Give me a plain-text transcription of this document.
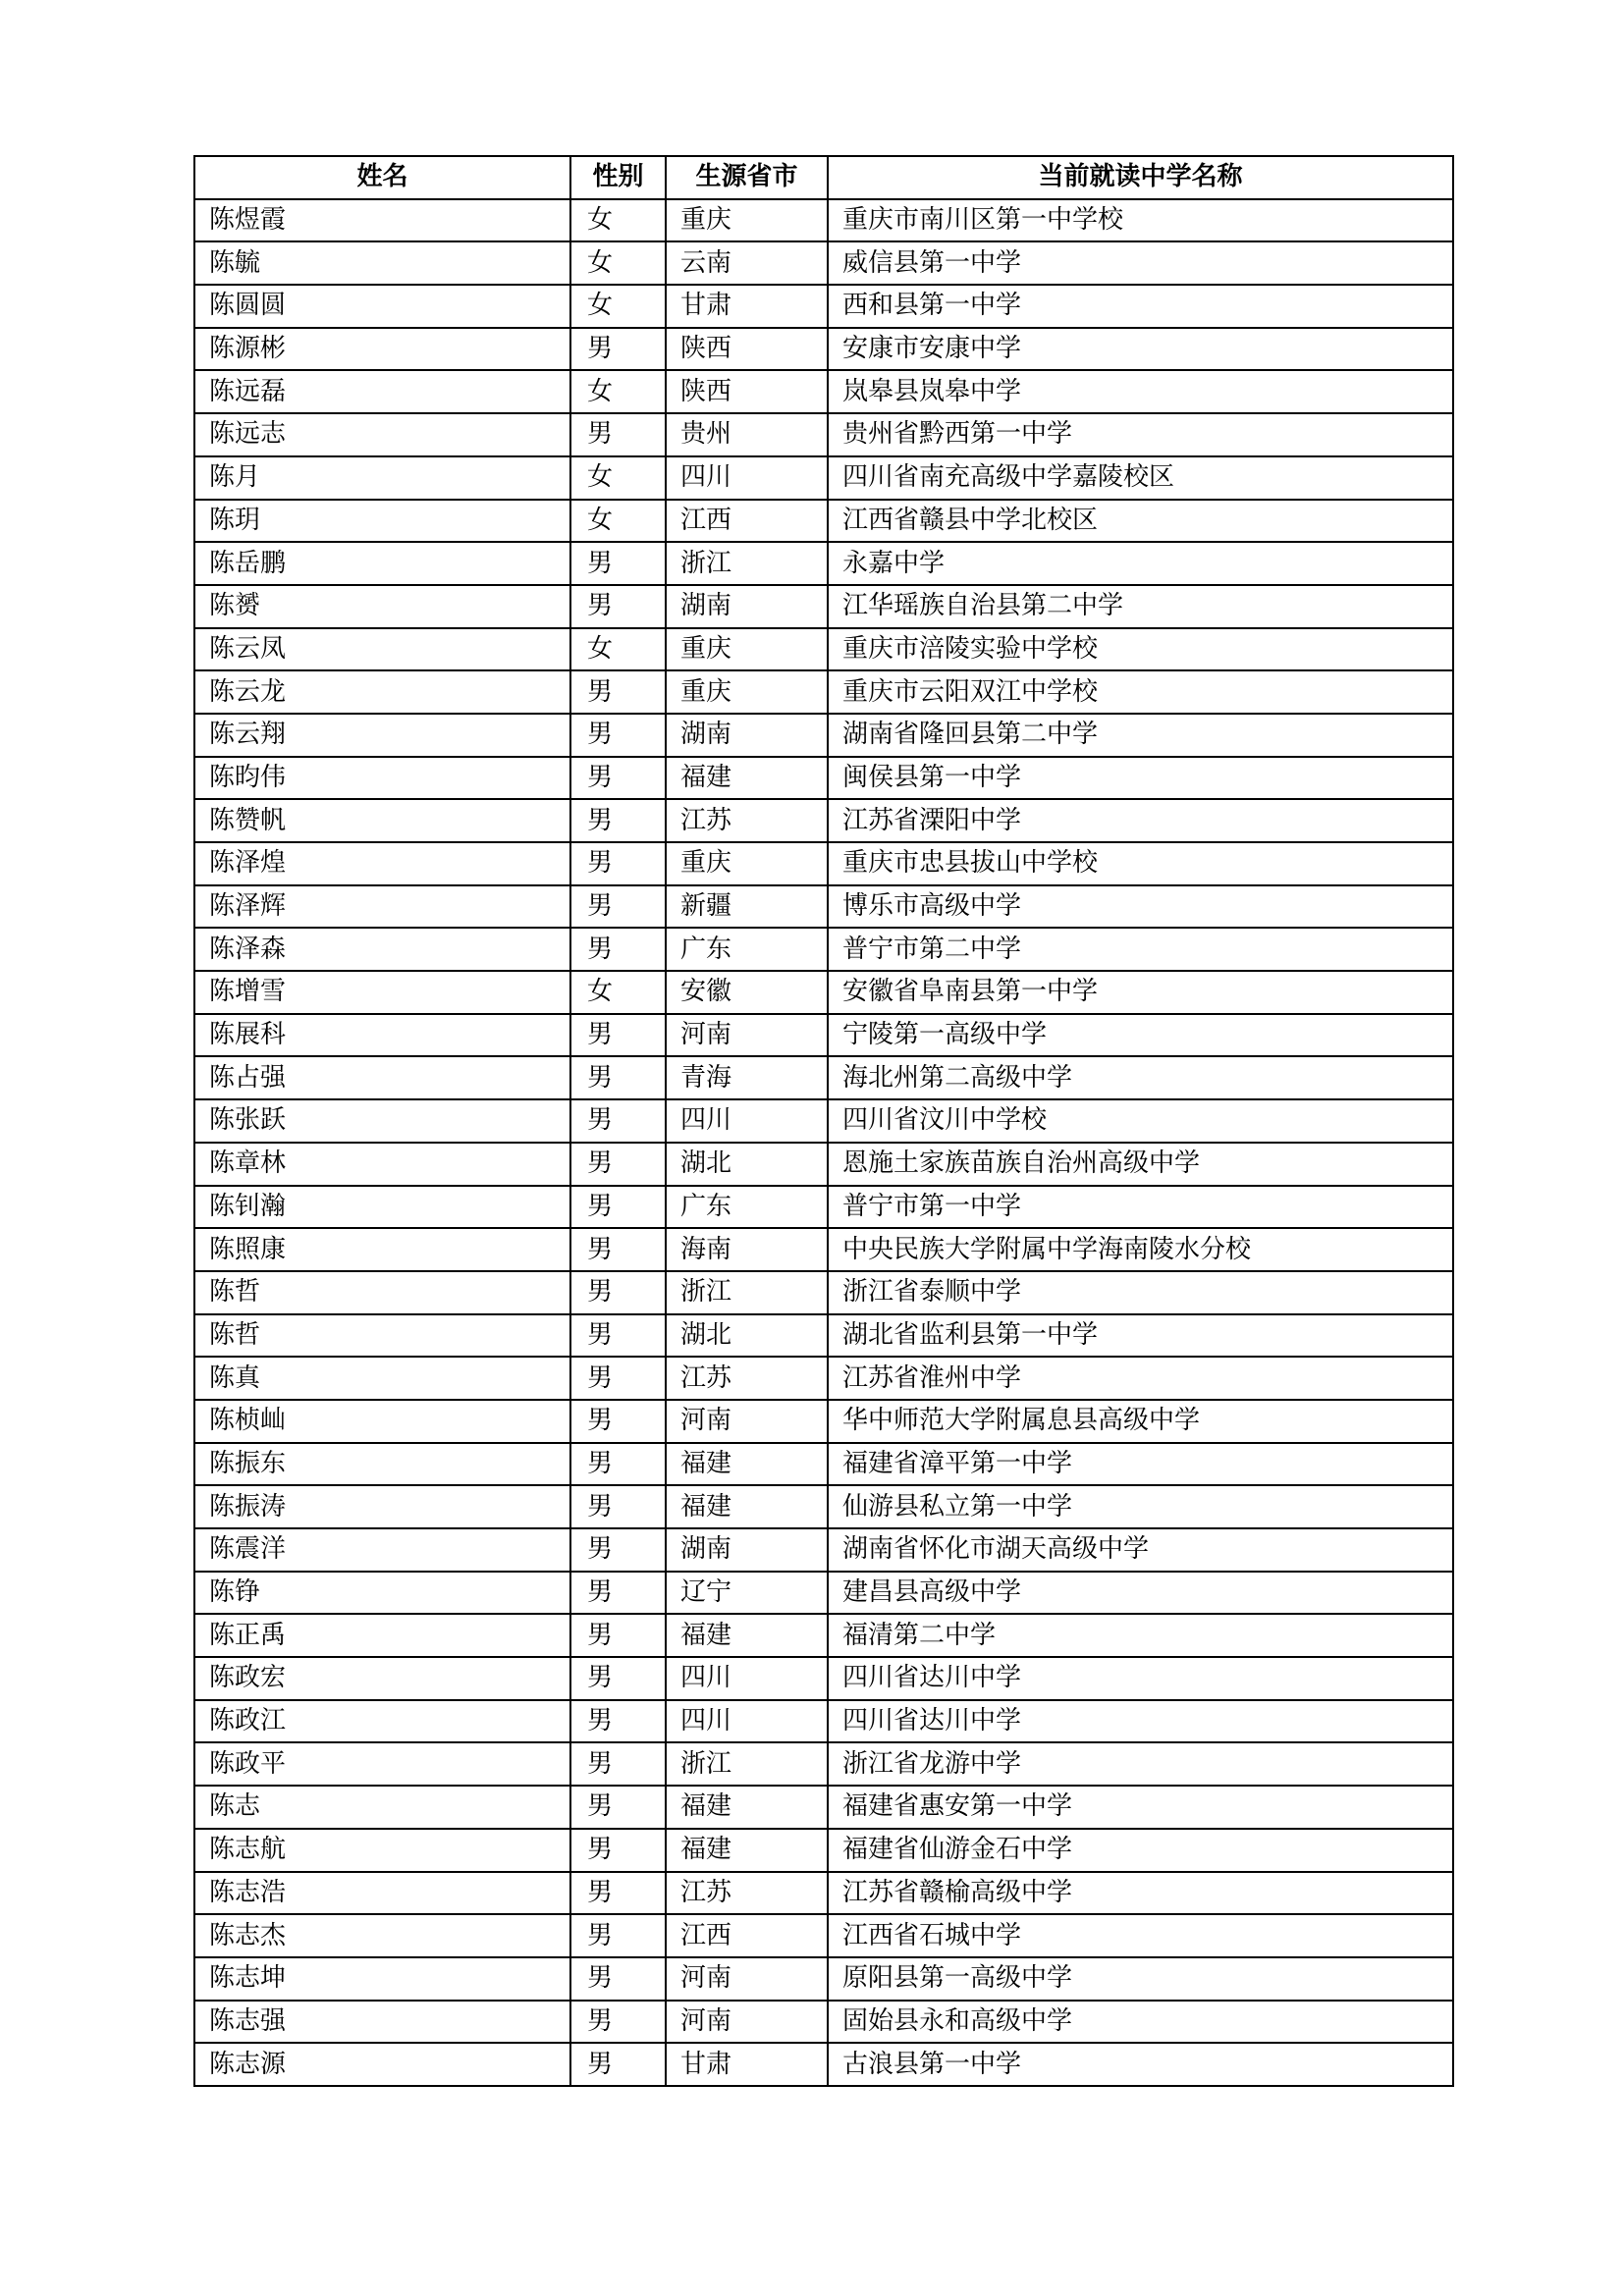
姓名	性别	生源省市	当前就读中学名称
陈煜霞	女	重庆	重庆市南川区第一中学校
陈毓	女	云南	威信县第一中学
陈圆圆	女	甘肃	西和县第一中学
陈源彬	男	陕西	安康市安康中学
陈远磊	女	陕西	岚皋县岚皋中学
陈远志	男	贵州	贵州省黔西第一中学
陈月	女	四川	四川省南充高级中学嘉陵校区
陈玥	女	江西	江西省赣县中学北校区
陈岳鹏	男	浙江	永嘉中学
陈赟	男	湖南	江华瑶族自治县第二中学
陈云凤	女	重庆	重庆市涪陵实验中学校
陈云龙	男	重庆	重庆市云阳双江中学校
陈云翔	男	湖南	湖南省隆回县第二中学
陈昀伟	男	福建	闽侯县第一中学
陈赞帆	男	江苏	江苏省溧阳中学
陈泽煌	男	重庆	重庆市忠县拔山中学校
陈泽辉	男	新疆	博乐市高级中学
陈泽森	男	广东	普宁市第二中学
陈增雪	女	安徽	安徽省阜南县第一中学
陈展科	男	河南	宁陵第一高级中学
陈占强	男	青海	海北州第二高级中学
陈张跃	男	四川	四川省汶川中学校
陈章林	男	湖北	恩施土家族苗族自治州高级中学
陈钊瀚	男	广东	普宁市第一中学
陈照康	男	海南	中央民族大学附属中学海南陵水分校
陈哲	男	浙江	浙江省泰顺中学
陈哲	男	湖北	湖北省监利县第一中学
陈真	男	江苏	江苏省淮州中学
陈桢屾	男	河南	华中师范大学附属息县高级中学
陈振东	男	福建	福建省漳平第一中学
陈振涛	男	福建	仙游县私立第一中学
陈震洋	男	湖南	湖南省怀化市湖天高级中学
陈铮	男	辽宁	建昌县高级中学
陈正禹	男	福建	福清第二中学
陈政宏	男	四川	四川省达川中学
陈政江	男	四川	四川省达川中学
陈政平	男	浙江	浙江省龙游中学
陈志	男	福建	福建省惠安第一中学
陈志航	男	福建	福建省仙游金石中学
陈志浩	男	江苏	江苏省赣榆高级中学
陈志杰	男	江西	江西省石城中学
陈志坤	男	河南	原阳县第一高级中学
陈志强	男	河南	固始县永和高级中学
陈志源	男	甘肃	古浪县第一中学
